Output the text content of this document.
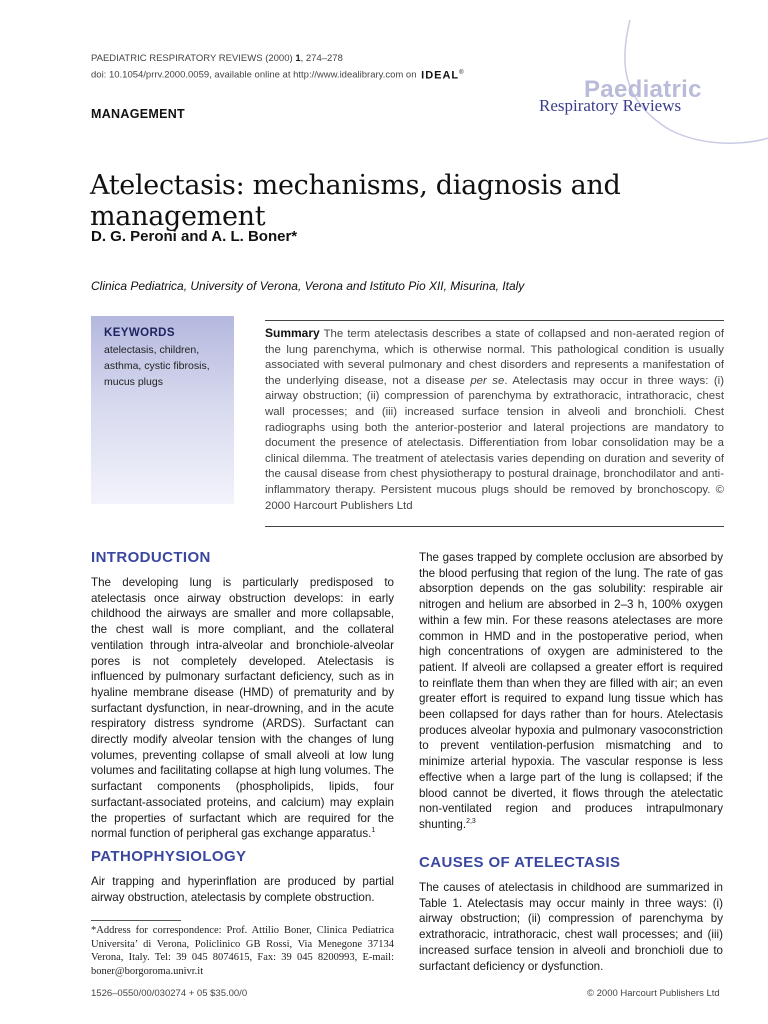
PAEDIATRIC RESPIRATORY REVIEWS (2000) 1, 274–278
doi: 10.1054/prrv.2000.0059, available online at http://www.idealibrary.com on IDEAL®
Paediatric
Respiratory Reviews
MANAGEMENT
Atelectasis: mechanisms, diagnosis and management
D. G. Peroni and A. L. Boner*
Clinica Pediatrica, University of Verona, Verona and Istituto Pio XII, Misurina, Italy
KEYWORDS
atelectasis, children,
asthma, cystic fibrosis,
mucus plugs
Summary The term atelectasis describes a state of collapsed and non-aerated region of the lung parenchyma, which is otherwise normal. This pathological condition is usually associated with several pulmonary and chest disorders and represents a manifestation of the underlying disease, not a disease per se. Atelectasis may occur in three ways: (i) airway obstruction; (ii) compression of parenchyma by extrathoracic, intrathoracic, chest wall processes; and (iii) increased surface tension in alveoli and bronchioli. Chest radiographs using both the anterior-posterior and lateral projections are mandatory to document the presence of atelectasis. Differentiation from lobar consolidation may be a clinical dilemma. The treatment of atelectasis varies depending on duration and severity of the causal disease from chest physiotherapy to postural drainage, bronchodilator and anti-inflammatory therapy. Persistent mucous plugs should be removed by bronchoscopy. © 2000 Harcourt Publishers Ltd
INTRODUCTION
The developing lung is particularly predisposed to atelectasis once airway obstruction develops: in early childhood the airways are smaller and more collapsable, the chest wall is more compliant, and the collateral ventilation through intra-alveolar and bronchiole-alveolar pores is not completely developed. Atelectasis is influenced by pulmonary surfactant deficiency, such as in hyaline membrane disease (HMD) of prematurity and by surfactant dysfunction, in near-drowning, and in the acute respiratory distress syndrome (ARDS). Surfactant can directly modify alveolar tension with the changes of lung volumes, preventing collapse of small alveoli at low lung volumes and facilitating collapse at high lung volumes. The surfactant components (phospholipids, lipids, four surfactant-associated proteins, and calcium) may explain the properties of surfactant which are required for the normal function of peripheral gas exchange apparatus.$^1$
PATHOPHYSIOLOGY
Air trapping and hyperinflation are produced by partial airway obstruction, atelectasis by complete obstruction.
*Address for correspondence: Prof. Attilio Boner, Clinica Pediatrica Universita’ di Verona, Policlinico GB Rossi, Via Menegone 37134 Verona, Italy. Tel: 39 045 8074615, Fax: 39 045 8200993, E-mail: boner@borgoroma.univr.it
The gases trapped by complete occlusion are absorbed by the blood perfusing that region of the lung. The rate of gas absorption depends on the gas solubility: respirable air nitrogen and helium are absorbed in 2–3 h, 100% oxygen within a few min. For these reasons atelectases are more common in HMD and in the postoperative period, when high concentrations of oxygen are administered to the patient. If alveoli are collapsed a greater effort is required to reinflate them than when they are filled with air; an even greater effort is required to expand lung tissue which has been collapsed for days rather than for hours. Atelectasis produces alveolar hypoxia and pulmonary vasoconstriction to prevent ventilation-perfusion mismatching and to minimize arterial hypoxia. The vascular response is less effective when a large part of the lung is collapsed; if the blood cannot be diverted, it flows through the atelectatic non-ventilated region and produces intrapulmonary shunting.$^{2,3}$
CAUSES OF ATELECTASIS
The causes of atelectasis in childhood are summarized in Table 1. Atelectasis may occur mainly in three ways: (i) airway obstruction; (ii) compression of parenchyma by extrathoracic, intrathoracic, chest wall processes; and (iii) increased surface tension in alveoli and bronchioli due to surfactant deficiency or dysfunction.
1526–0550/00/030274 + 05 $35.00/0	© 2000 Harcourt Publishers Ltd
